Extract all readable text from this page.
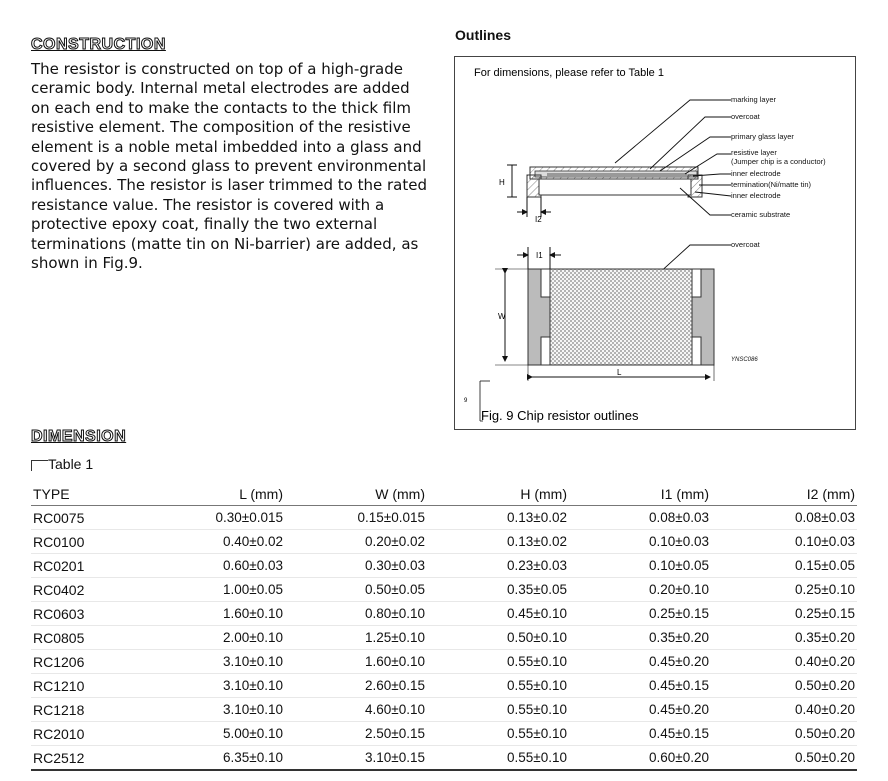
CONSTRUCTION
The resistor is constructed on top of a high-grade ceramic body. Internal metal electrodes are added on each end to make the contacts to the thick film resistive element. The composition of the resistive element is a noble metal imbedded into a glass and covered by a second glass to prevent environmental influences. The resistor is laser trimmed to the rated resistance value. The resistor is covered with a protective epoxy coat, finally the two external terminations (matte tin on Ni-barrier) are added, as shown in Fig.9.
Outlines
For dimensions, please refer to Table 1
H
I2
marking layer
overcoat
primary glass layer
resistive layer
(Jumper chip is a conductor)
inner electrode
termination(Ni/matte tin)
inner electrode
ceramic substrate
overcoat
YNSC086
I1
W
L
9
Fig. 9 Chip resistor outlines
DIMENSION
Table 1
TYPE	L (mm)	W (mm)	H (mm)	I1 (mm)	I2 (mm)
RC0075	0.30±0.015	0.15±0.015	0.13±0.02	0.08±0.03	0.08±0.03
RC0100	0.40±0.02	0.20±0.02	0.13±0.02	0.10±0.03	0.10±0.03
RC0201	0.60±0.03	0.30±0.03	0.23±0.03	0.10±0.05	0.15±0.05
RC0402	1.00±0.05	0.50±0.05	0.35±0.05	0.20±0.10	0.25±0.10
RC0603	1.60±0.10	0.80±0.10	0.45±0.10	0.25±0.15	0.25±0.15
RC0805	2.00±0.10	1.25±0.10	0.50±0.10	0.35±0.20	0.35±0.20
RC1206	3.10±0.10	1.60±0.10	0.55±0.10	0.45±0.20	0.40±0.20
RC1210	3.10±0.10	2.60±0.15	0.55±0.10	0.45±0.15	0.50±0.20
RC1218	3.10±0.10	4.60±0.10	0.55±0.10	0.45±0.20	0.40±0.20
RC2010	5.00±0.10	2.50±0.15	0.55±0.10	0.45±0.15	0.50±0.20
RC2512	6.35±0.10	3.10±0.15	0.55±0.10	0.60±0.20	0.50±0.20
